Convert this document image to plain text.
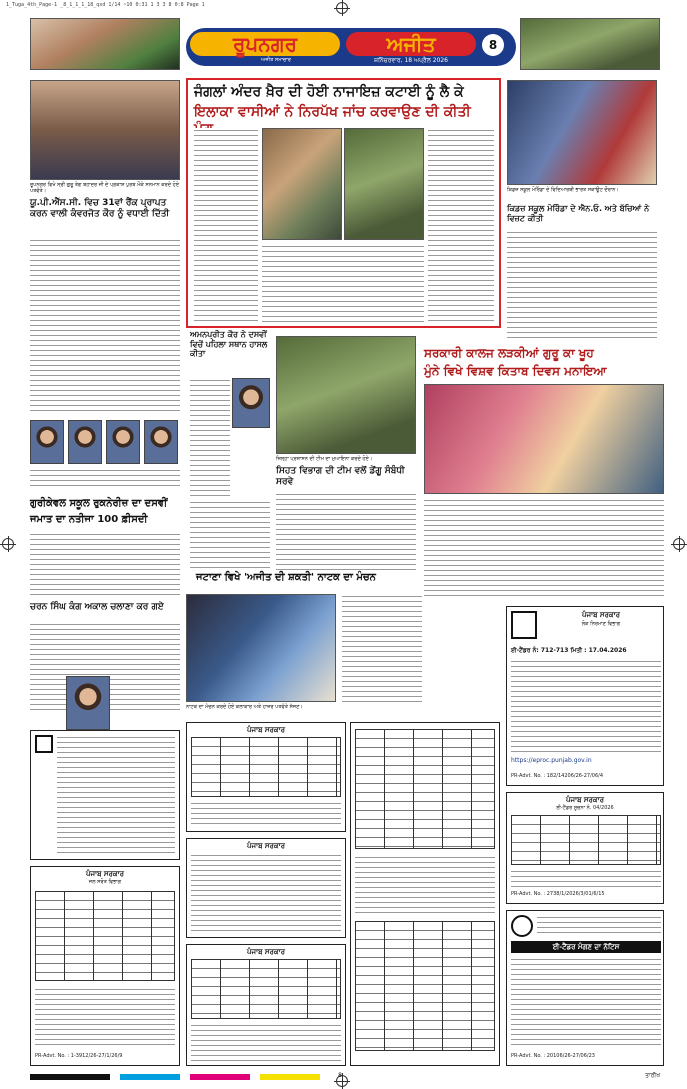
1_Tuga_4th_Page-1 _8_1_1_1_18_qxd 1/14 ~10 0:31 1 3 3 8 0:8 Page 1
ਰੂਪਨਗਰ	ਅਜੀਤ	8
ਅਜੀਤ ਸਮਾਚਾਰ	ਸ਼ਨਿੱਚਰਵਾਰ, 18 ਅਪ੍ਰੈਲ 2026
ਰੂਪਨਗਰ ਵਿਖੇ ਸ੍ਰੀ ਗੁਰੂ ਤੇਗ ਬਹਾਦਰ ਜੀ ਦੇ ਪ੍ਰਕਾਸ਼ ਪੁਰਬ ਮੌਕੇ ਸਨਮਾਨ ਕਰਦੇ ਹੋਏ ਪਤਵੰਤੇ।
ਯੂ.ਪੀ.ਐੱਸ.ਸੀ. ਵਿਚ 31ਵਾਂ ਰੈਂਕ ਪ੍ਰਾਪਤ ਕਰਨ ਵਾਲੀ ਕੰਵਰਜੋਤ ਕੌਰ ਨੂੰ ਵਧਾਈ ਦਿੱਤੀ
ਜੰਗਲਾਂ ਅੰਦਰ ਖ਼ੈਰ ਦੀ ਹੋਈ ਨਾਜਾਇਜ਼ ਕਟਾਈ ਨੂੰ ਲੈ ਕੇ
ਇਲਾਕਾ ਵਾਸੀਆਂ ਨੇ ਨਿਰਪੱਖ ਜਾਂਚ ਕਰਵਾਉਣ ਦੀ ਕੀਤੀ
ਕਿਡਜ਼ ਸਕੂਲ ਮੋਰਿੰਡਾ ਦੇ ਵਿਦਿਆਰਥੀ ਭਾਰਤ ਸਕਾਊਟ ਦੌਰਾਨ।
ਕਿਡਜ਼ ਸਕੂਲ ਮੋਰਿੰਡਾ ਦੇ ਐਨ.ਓ. ਅਤੇ ਬੱਚਿਆਂ ਨੇ ਵਿਜ਼ਟ ਕੀਤੀ
ਅਮਨਪ੍ਰੀਤ ਕੌਰ ਨੇ ਦਸਵੀਂ ਵਿਚੋਂ ਪਹਿਲਾ ਸਥਾਨ ਹਾਸਲ ਕੀਤਾ
ਜ਼ਿਲ੍ਹਾ ਪ੍ਰਸ਼ਾਸਨ ਦੀ ਟੀਮ ਦਾ ਮੁਆਇਨਾ ਕਰਦੇ ਹੋਏ।
ਸਿਹਤ ਵਿਭਾਗ ਦੀ ਟੀਮ ਵਲੋਂ ਡੇਂਗੂ ਸੰਬੰਧੀ ਸਰਵੇ
ਸਰਕਾਰੀ ਕਾਲਜ ਲੜਕੀਆਂ ਗੁਰੂ ਕਾ ਖੂਹ
ਮੁੰਨੇ ਵਿਖੇ ਵਿਸ਼ਵ ਕਿਤਾਬ ਦਿਵਸ ਮਨਾਇਆ
ਗੁਰੀਕੇਵਲ ਸਕੂਲ ਰੁਕਨੇਰੀਜ਼ ਦਾ ਦਸਵੀਂ
ਜਮਾਤ ਦਾ ਨਤੀਜਾ 100 ਫ਼ੀਸਦੀ
ਚਰਨ ਸਿੰਘ ਕੰਗ ਅਕਾਲ ਚਲਾਣਾ ਕਰ ਗਏ
ਜਟਾਣਾ ਵਿਖੇ 'ਅਜੀਤ ਦੀ ਸ਼ਕਤੀ' ਨਾਟਕ ਦਾ ਮੰਚਨ
ਨਾਟਕ ਦਾ ਮੰਚਨ ਕਰਦੇ ਹੋਏ ਕਲਾਕਾਰ ਅਤੇ ਹਾਜ਼ਰ ਪਤਵੰਤੇ ਸੱਜਣ।
ਪੰਜਾਬ ਸਰਕਾਰ
ਜਲ ਸਰੋਤ ਵਿਭਾਗ
PR-Advt. No. : 1-3912/26-27/1/26/9
ਪੰਜਾਬ ਸਰਕਾਰ
ਪੰਜਾਬ ਸਰਕਾਰ
ਪੰਜਾਬ ਸਰਕਾਰ
ਪੰਜਾਬ ਸਰਕਾਰ
ਲੋਕ ਨਿਰਮਾਣ ਵਿਭਾਗ
ਈ-ਟੈਂਡਰ ਨੰ: 712-713 ਮਿਤੀ : 17.04.2026
https://eproc.punjab.gov.in
PR-Advt. No. : 182/14206/26-27/06/4
ਪੰਜਾਬ ਸਰਕਾਰ
ਈ-ਟੈਂਡਰ ਸੂਚਨਾ ਨੰ. 04/2026
PR-Advt. No. : 2738/1/2026/3/01/6/15
ਈ-ਟੈਂਡਰ ਮੰਗਣ ਦਾ ਨੋਟਿਸ
PR-Advt. No. : 20106/26-27/06/23
8	ਤਾਰੀਖ
